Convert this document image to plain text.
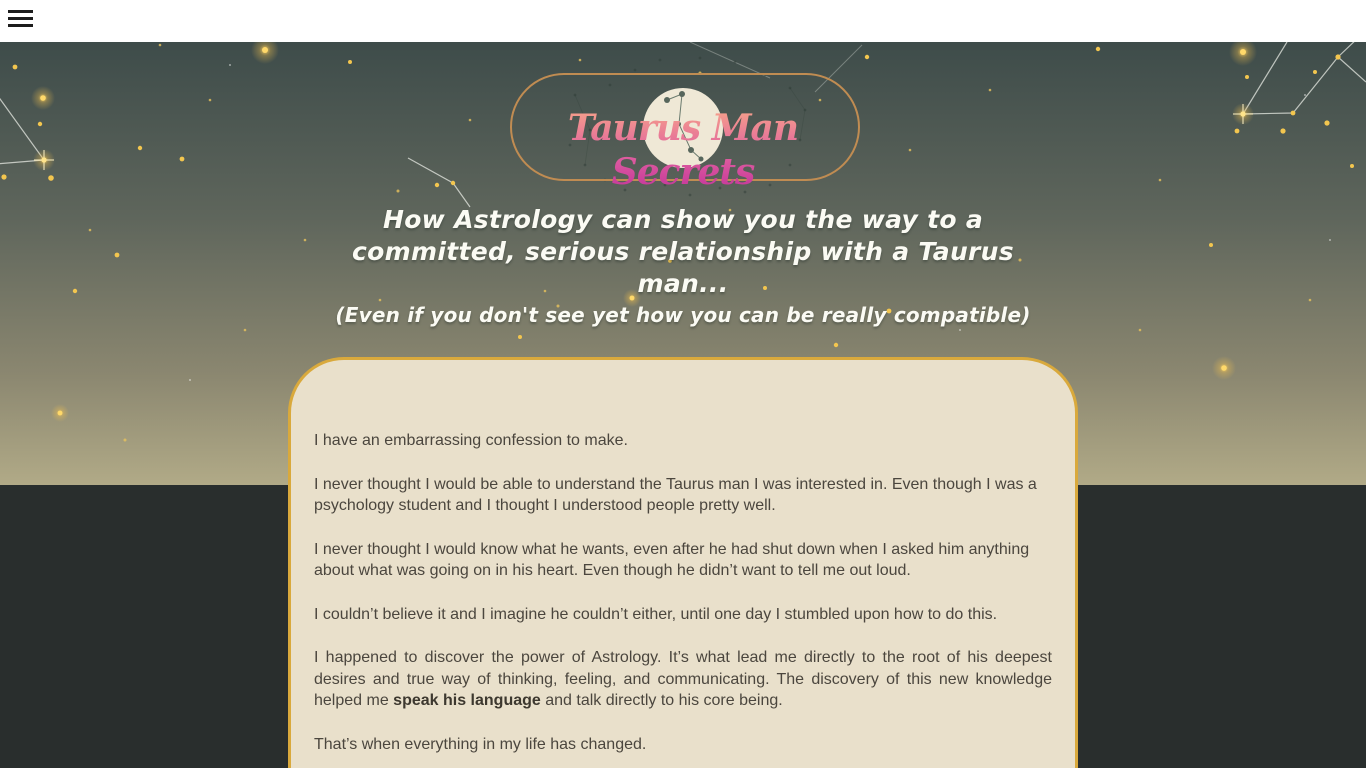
Taurus Man Secrets
How Astrology can show you the way to a
committed, serious relationship with a Taurus
man...
(Even if you don't see yet how you can be really compatible)

I have an embarrassing confession to make.

I never thought I would be able to understand the Taurus man I was interested in. Even though I was a psychology student and I thought I understood people pretty well.

I never thought I would know what he wants, even after he had shut down when I asked him anything about what was going on in his heart. Even though he didn’t want to tell me out loud.

I couldn’t believe it and I imagine he couldn’t either, until one day I stumbled upon how to do this.

I happened to discover the power of Astrology. It’s what lead me directly to the root of his deepest desires and true way of thinking, feeling, and communicating. The discovery of this new knowledge helped me speak his language and talk directly to his core being.

That’s when everything in my life has changed.
